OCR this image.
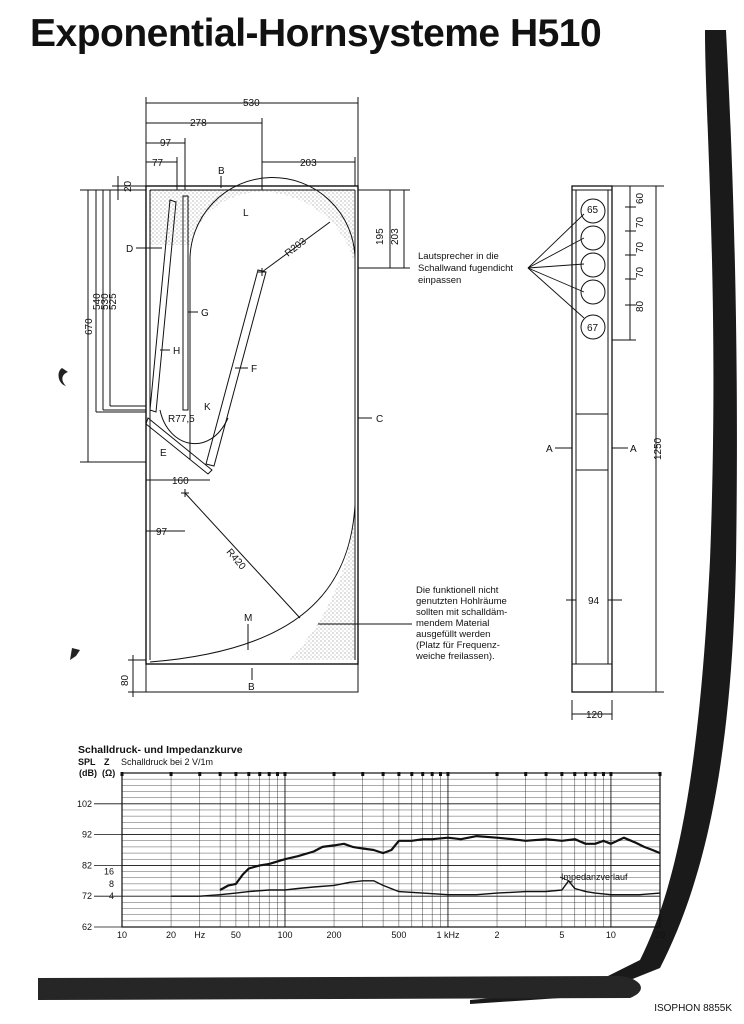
Exponential-Hornsysteme H510
530
278
97
77	203
B
20
670
540
530
525
D
L
R203	195 203
G
H
F
K
R77,5	C
E
160
97
R420
M
80
B
Lautsprecher in die
Schallwand fugendicht
einpassen
Die funktionell nicht
genutzten Hohlräume
sollten mit schalldäm-
mendem Material
ausgefüllt werden
(Platz für Frequenz-
weiche freilassen).
65
67
60
70
70
70
80
1250
A	A
94
120
Schalldruck- und Impedanzkurve
SPL Z Schalldruck bei 2 V/1m
(dB) (Ω)
10	20 Hz	50	100	200	500	1 kHz	2	5	10	20
62
72
82
92
102
4
8
16
Impedanzverlauf
ISOPHON 8855K
